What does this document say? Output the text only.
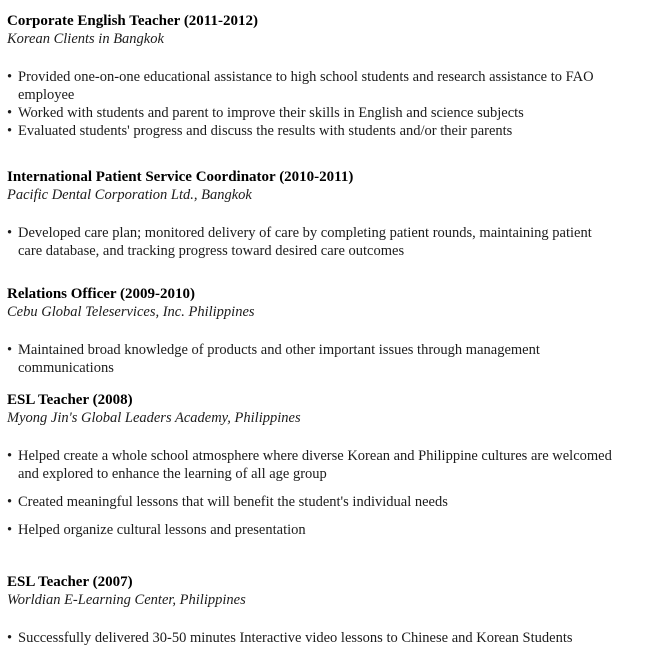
Corporate English Teacher (2011-2012)

Korean Clients in Bangkok

• Provided one-on-one educational assistance to high school students and research assistance to FAO employee
• Worked with students and parent to improve their skills in English and science subjects
• Evaluated students' progress and discuss the results with students and/or their parents
International Patient Service Coordinator (2010-2011)

Pacific Dental Corporation Ltd., Bangkok

• Developed care plan; monitored delivery of care by completing patient rounds, maintaining patient care database, and tracking progress toward desired care outcomes
Relations Officer (2009-2010)

Cebu Global Teleservices, Inc. Philippines

• Maintained broad knowledge of products and other important issues through management communications
ESL Teacher (2008)

Myong Jin's Global Leaders Academy, Philippines

• Helped create a whole school atmosphere where diverse Korean and Philippine cultures are welcomed and explored to enhance the learning of all age group
• Created meaningful lessons that will benefit the student's individual needs
• Helped organize cultural lessons and presentation
ESL Teacher (2007)

Worldian E-Learning Center, Philippines

• Successfully delivered 30-50 minutes Interactive video lessons to Chinese and Korean Students
